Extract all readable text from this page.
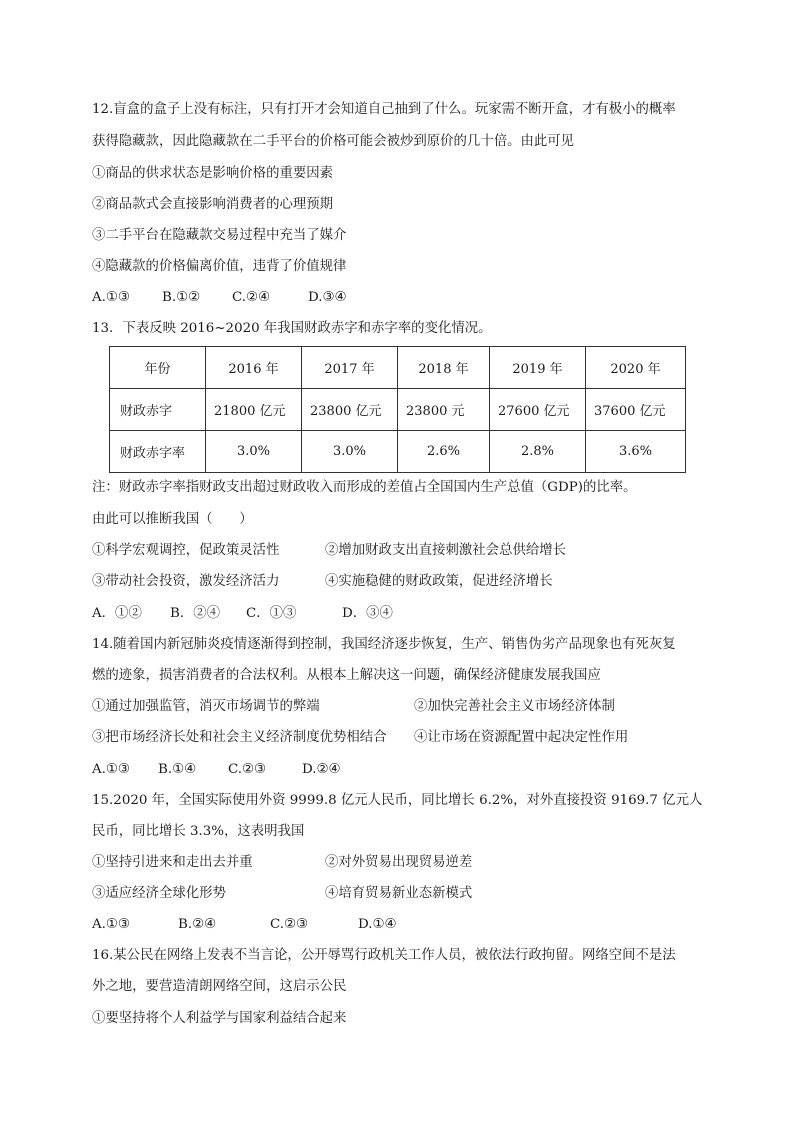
12.盲盒的盒子上没有标注，只有打开才会知道自己抽到了什么。玩家需不断开盒，才有极小的概率
获得隐藏款，因此隐藏款在二手平台的价格可能会被炒到原价的几十倍。由此可见
①商品的供求状态是影响价格的重要因素
②商品款式会直接影响消费者的心理预期
③二手平台在隐藏款交易过程中充当了媒介
④隐藏款的价格偏离价值，违背了价值规律
A.①③ B.①② C.②④	D.③④
13．下表反映 2016~2020 年我国财政赤字和赤字率的变化情况。
年份	2016 年	2017 年	2018 年	2019 年	2020 年
财政赤字	21800 亿元	23800 亿元	23800 元	27600 亿元	37600 亿元
财政赤字率	3.0%	3.0%	2.6%	2.8%	3.6%
注：财政赤字率指财政支出超过财政收入而形成的差值占全国国内生产总值（GDP)的比率。
由此可以推断我国（　　）
①科学宏观调控，促政策灵活性	②增加财政支出直接刺激社会总供给增长
③带动社会投资，激发经济活力	④实施稳健的财政政策，促进经济增长
A．①② B．②④ C．①③	D．③④
14.随着国内新冠肺炎疫情逐渐得到控制，我国经济逐步恢复，生产、销售伪劣产品现象也有死灰复
燃的迹象，损害消费者的合法权利。从根本上解决这一问题，确保经济健康发展我国应
①通过加强监管，消灭市场调节的弊端	②加快完善社会主义市场经济体制
③把市场经济长处和社会主义经济制度优势相结合 ④让市场在资源配置中起决定性作用
A.①③ B.①④ C.②③	D.②④
15.2020 年，全国实际使用外资 9999.8 亿元人民币，同比增长 6.2%，对外直接投资 9169.7 亿元人
民币，同比增长 3.3%，这表明我国
①坚持引进来和走出去并重	②对外贸易出现贸易逆差
③适应经济全球化形势	④培育贸易新业态新模式
A.①③	B.②④	C.②③	D.①④
16.某公民在网络上发表不当言论，公开辱骂行政机关工作人员，被依法行政拘留。网络空间不是法
外之地，要营造清朗网络空间，这启示公民
①要坚持将个人利益学与国家利益结合起来
